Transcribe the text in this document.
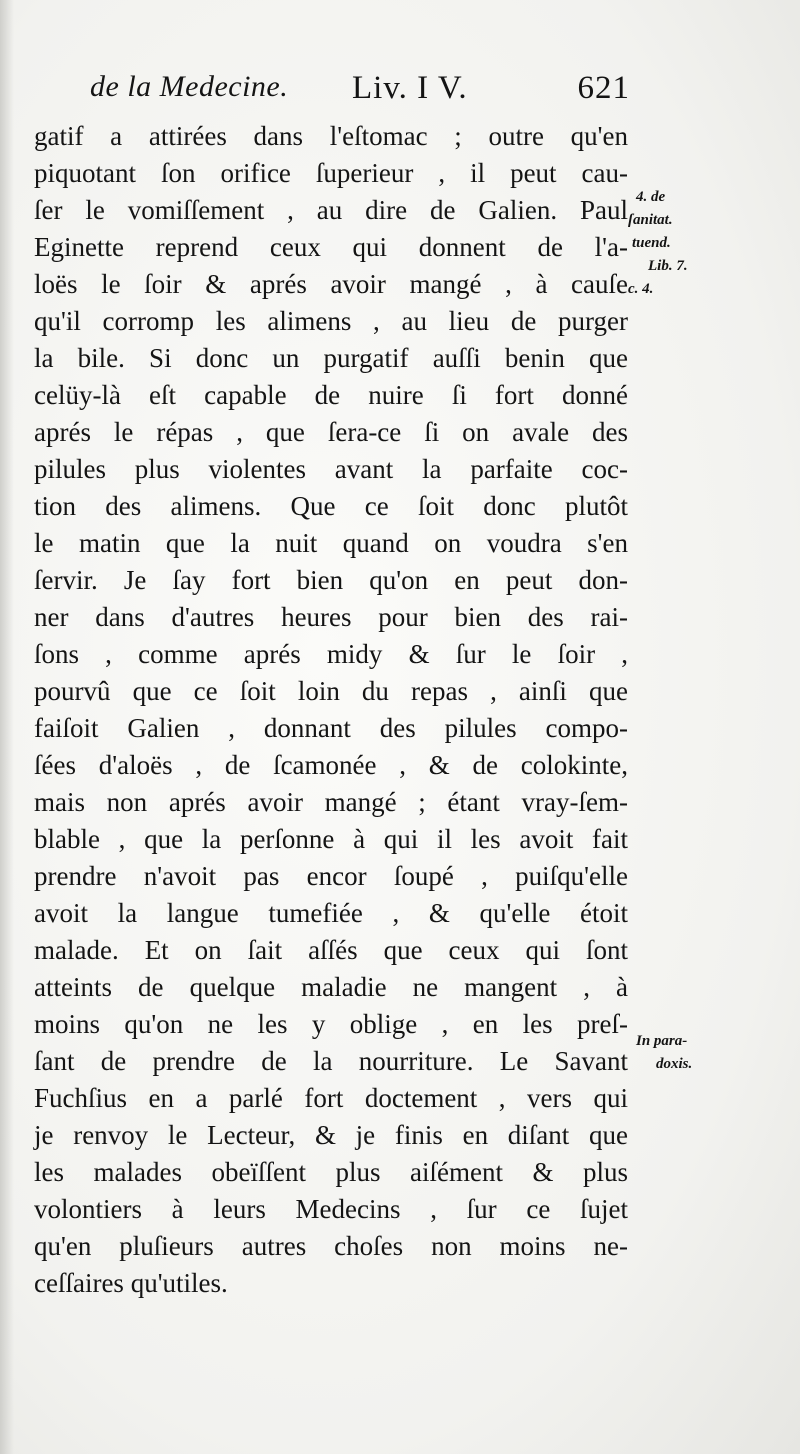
de la Medecine. Liv. I V.	621
gatif a attirées dans l'eſtomac ; outre qu'en
piquotant ſon orifice ſuperieur , il peut cau-
ſer le vomiſſement , au dire de Galien. Paul
Eginette reprend ceux qui donnent de l'a-
loës le ſoir & aprés avoir mangé , à cauſe
qu'il corromp les alimens , au lieu de purger
la bile. Si donc un purgatif auſſi benin que
celüy-là eſt capable de nuire ſi fort donné
aprés le répas , que ſera-ce ſi on avale des
pilules plus violentes avant la parfaite coc-
tion des alimens. Que ce ſoit donc plutôt
le matin que la nuit quand on voudra s'en
ſervir. Je ſay fort bien qu'on en peut don-
ner dans d'autres heures pour bien des rai-
ſons , comme aprés midy & ſur le ſoir ,
pourvû que ce ſoit loin du repas , ainſi que
faiſoit Galien , donnant des pilules compo-
ſées d'aloës , de ſcamonée , & de colokinte,
mais non aprés avoir mangé ; étant vray-ſem-
blable , que la perſonne à qui il les avoit fait
prendre n'avoit pas encor ſoupé , puiſqu'elle
avoit la langue tumefiée , & qu'elle étoit
malade. Et on ſait aſſés que ceux qui ſont
atteints de quelque maladie ne mangent , à
moins qu'on ne les y oblige , en les preſ-
ſant de prendre de la nourriture. Le Savant
Fuchſius en a parlé fort doctement , vers qui
je renvoy le Lecteur, & je finis en diſant que
les malades obeïſſent plus aiſément & plus
volontiers à leurs Medecins , ſur ce ſujet
qu'en pluſieurs autres choſes non moins ne-
ceſſaires qu'utiles.
4. de
ſanitat.
tuend.
Lib. 7.
c. 4.
In para-
doxis.
